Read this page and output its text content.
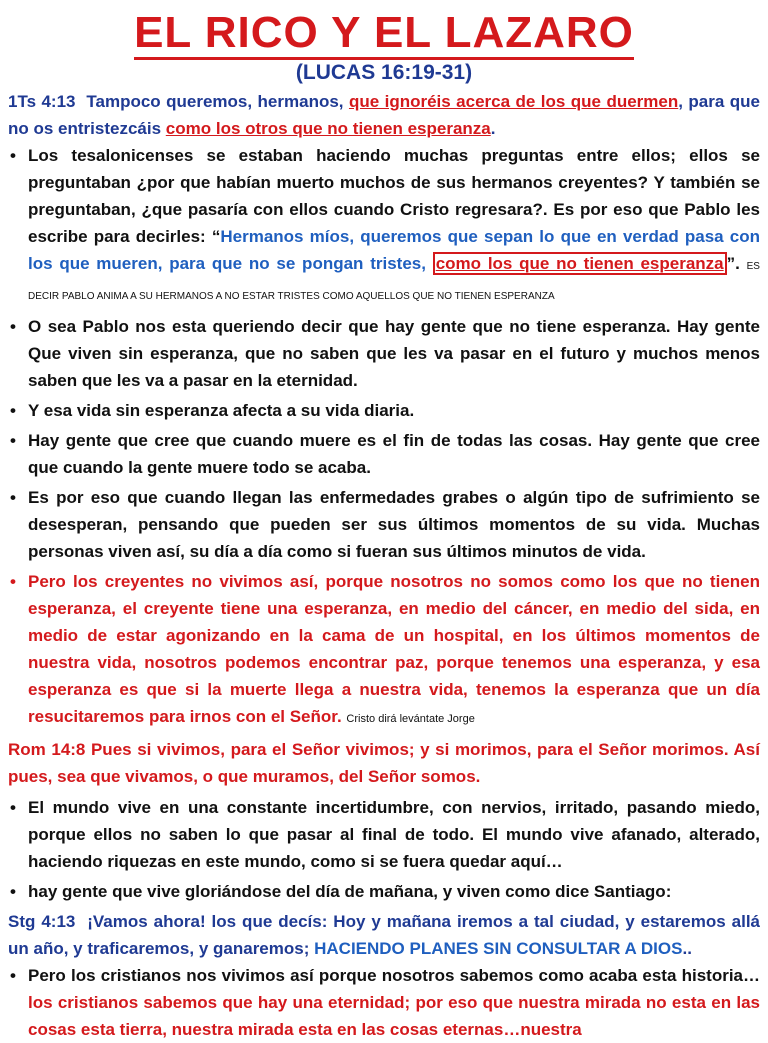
EL RICO Y EL LAZARO
(LUCAS 16:19-31)

1Ts 4:13 Tampoco queremos, hermanos, que ignoréis acerca de los que duermen, para que no os entristezcáis como los otros que no tienen esperanza.

• Los tesalonicenses se estaban haciendo muchas preguntas entre ellos; ellos se preguntaban ¿por que habían muerto muchos de sus hermanos creyentes? Y también se preguntaban, ¿que pasaría con ellos cuando Cristo regresara?. Es por eso que Pablo les escribe para decirles: “Hermanos míos, queremos que sepan lo que en verdad pasa con los que mueren, para que no se pongan tristes, como los que no tienen esperanza ”. ES DECIR PABLO ANIMA A SU HERMANOS A NO ESTAR TRISTES COMO AQUELLOS QUE NO TIENEN ESPERANZA
• O sea Pablo nos esta queriendo decir que hay gente que no tiene esperanza. Hay gente Que viven sin esperanza, que no saben que les va pasar en el futuro y muchos menos saben que les va a pasar en la eternidad.
• Y esa vida sin esperanza afecta a su vida diaria.
• Hay gente que cree que cuando muere es el fin de todas las cosas. Hay gente que cree que cuando la gente muere todo se acaba.
• Es por eso que cuando llegan las enfermedades grabes o algún tipo de sufrimiento se desesperan, pensando que pueden ser sus últimos momentos de su vida. Muchas personas viven así, su día a día como si fueran sus últimos minutos de vida.
• Pero los creyentes no vivimos así, porque nosotros no somos como los que no tienen esperanza, el creyente tiene una esperanza, en medio del cáncer, en medio del sida, en medio de estar agonizando en la cama de un hospital, en los últimos momentos de nuestra vida, nosotros podemos encontrar paz, porque tenemos una esperanza, y esa esperanza es que si la muerte llega a nuestra vida, tenemos la esperanza que un día resucitaremos para irnos con el Señor. Cristo dirá levántate Jorge

Rom 14:8 Pues si vivimos, para el Señor vivimos; y si morimos, para el Señor morimos. Así pues, sea que vivamos, o que muramos, del Señor somos.

• El mundo vive en una constante incertidumbre, con nervios, irritado, pasando miedo, porque ellos no saben lo que pasar al final de todo. El mundo vive afanado, alterado, haciendo riquezas en este mundo, como si se fuera quedar aquí…
• hay gente que vive gloriándose del día de mañana, y viven como dice Santiago:

Stg 4:13 ¡Vamos ahora! los que decís: Hoy y mañana iremos a tal ciudad, y estaremos allá un año, y traficaremos, y ganaremos; HACIENDO PLANES SIN CONSULTAR A DIOS..

• Pero los cristianos nos vivimos así porque nosotros sabemos como acaba esta historia…los cristianos sabemos que hay una eternidad; por eso que nuestra mirada no esta en las cosas esta tierra, nuestra mirada esta en las cosas eternas…nuestra
